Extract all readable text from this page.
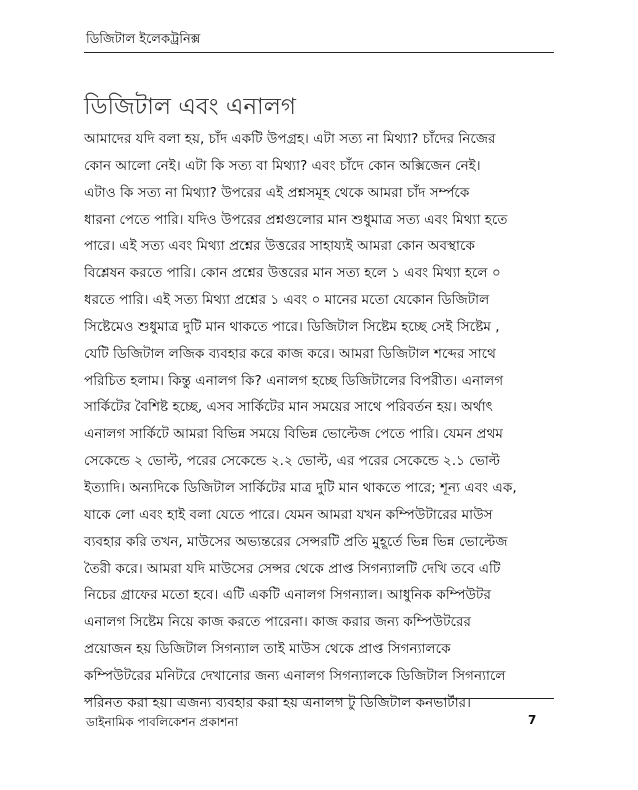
ডিজিটাল ইলেকট্রনিক্স
ডিজিটাল এবং এনালগ
আমাদের যদি বলা হয়, চাঁদ একটি উপগ্রহ। এটা সত্য না মিথ্যা? চাঁদের নিজের
কোন আলো নেই। এটা কি সত্য বা মিথ্যা? এবং চাঁদে কোন অক্সিজেন নেই।
এটাও কি সত্য না মিথ্যা? উপরের এই প্রশ্নসমূহ থেকে আমরা চাঁদ সর্ম্পকে
ধারনা পেতে পারি। যদিও উপরের প্রশ্নগুলোর মান শুধুমাত্র সত্য এবং মিথ্যা হতে
পারে। এই সত্য এবং মিথ্যা প্রশ্নের উত্তরের সাহায্যই আমরা কোন অবস্থাকে
বিশ্লেষন করতে পারি। কোন প্রশ্নের উত্তরের মান সত্য হলে ১ এবং মিথ্যা হলে ০
ধরতে পারি। এই সত্য মিথ্যা প্রশ্নের ১ এবং ০ মানের মতো যেকোন ডিজিটাল
সিষ্টেমেও শুধুমাত্র দুটি মান থাকতে পারে। ডিজিটাল সিষ্টেম হচ্ছে সেই সিষ্টেম ,
যেটি ডিজিটাল লজিক ব্যবহার করে কাজ করে। আমরা ডিজিটাল শব্দের সাথে
পরিচিত হলাম। কিন্তু এনালগ কি? এনালগ হচ্ছে ডিজিটালের বিপরীত। এনালগ
সার্কিটের বৈশিষ্ট হচ্ছে, এসব সার্কিটের মান সময়ের সাথে পরিবর্তন হয়। অর্থাৎ
এনালগ সার্কিটে আমরা বিভিন্ন সময়ে বিভিন্ন ভোল্টেজ পেতে পারি। যেমন প্রথম
সেকেন্ডে ২ ভোল্ট, পরের সেকেন্ডে ২.২ ভোল্ট, এর পরের সেকেন্ডে ২.১ ভোল্ট
ইত্যাদি। অন্যদিকে ডিজিটাল সার্কিটের মাত্র দুটি মান থাকতে পারে; শূন্য এবং এক,
যাকে লো এবং হাই বলা যেতে পারে। যেমন আমরা যখন কম্পিউটারের মাউস
ব্যবহার করি তখন, মাউসের অভ্যন্তরের সেন্সরটি প্রতি মুহূর্তে ভিন্ন ভিন্ন ভোল্টেজ
তৈরী করে। আমরা যদি মাউসের সেন্সর থেকে প্রাপ্ত সিগন্যালটি দেখি তবে এটি
নিচের গ্রাফের মতো হবে। এটি একটি এনালগ সিগন্যাল। আধুনিক কম্পিউটর
এনালগ সিষ্টেম নিয়ে কাজ করতে পারেনা। কাজ করার জন্য কম্পিউটরের
প্রয়োজন হয় ডিজিটাল সিগন্যাল তাই মাউস থেকে প্রাপ্ত সিগন্যালকে
কম্পিউটরের মনিটরে দেখানোর জন্য এনালগ সিগন্যালকে ডিজিটাল সিগন্যালে
পরিনত করা হয়। এজন্য ব্যবহার করা হয় এনালগ টু ডিজিটাল কনভার্টার।
ডাইনামিক পাবলিকেশন প্রকাশনা	7
